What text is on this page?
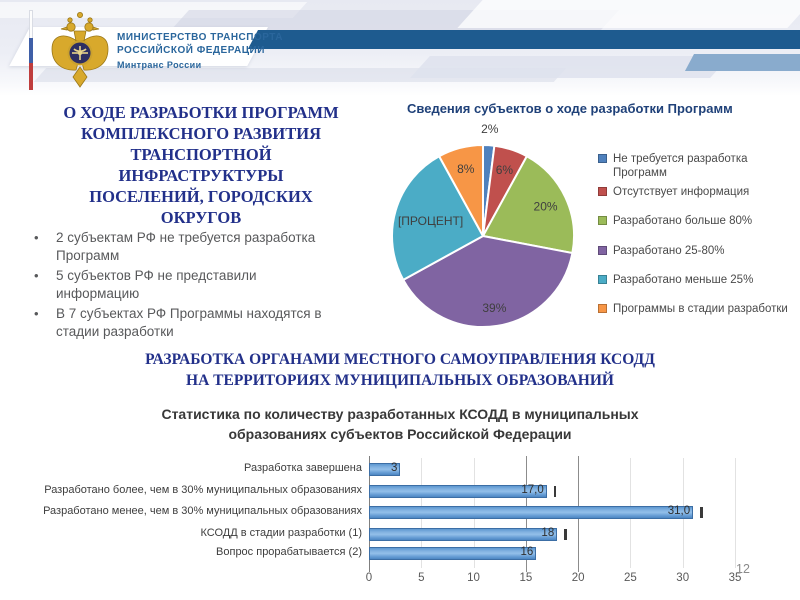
МИНИСТЕРСТВО ТРАНСПОРТА
РОССИЙСКОЙ ФЕДЕРАЦИИ
Минтранс России
О ХОДЕ РАЗРАБОТКИ ПРОГРАММ
КОМПЛЕКСНОГО РАЗВИТИЯ
ТРАНСПОРТНОЙ
ИНФРАСТРУКТУРЫ
ПОСЕЛЕНИЙ, ГОРОДСКИХ
ОКРУГОВ
•	2 субъектам РФ не требуется разработка
Программ
•	5 субъектов РФ не представили
информацию
•	В 7 субъектах РФ Программы находятся в
стадии разработки
Сведения субъектов о ходе разработки Программ
2%
6%
20%
39%
[ПРОЦЕНТ]
8%
Не требуется разработка Программ
Отсутствует информация
Разработано больше 80%
Разработано 25-80%
Разработано меньше 25%
Программы в стадии разработки
РАЗРАБОТКА ОРГАНАМИ МЕСТНОГО САМОУПРАВЛЕНИЯ КСОДД
НА ТЕРРИТОРИЯХ МУНИЦИПАЛЬНЫХ ОБРАЗОВАНИЙ
Статистика по количеству разработанных КСОДД в муниципальных
образованиях субъектов Российской Федерации
0	5	10	15	20	25	30	35
Разработка завершена	3
Разработано более, чем в 30% муниципальных образованиях	17,0
Разработано менее, чем в 30% муниципальных образованиях	31,0
КСОДД в стадии разработки (1)	18
Вопрос прорабатывается (2)	16
12
